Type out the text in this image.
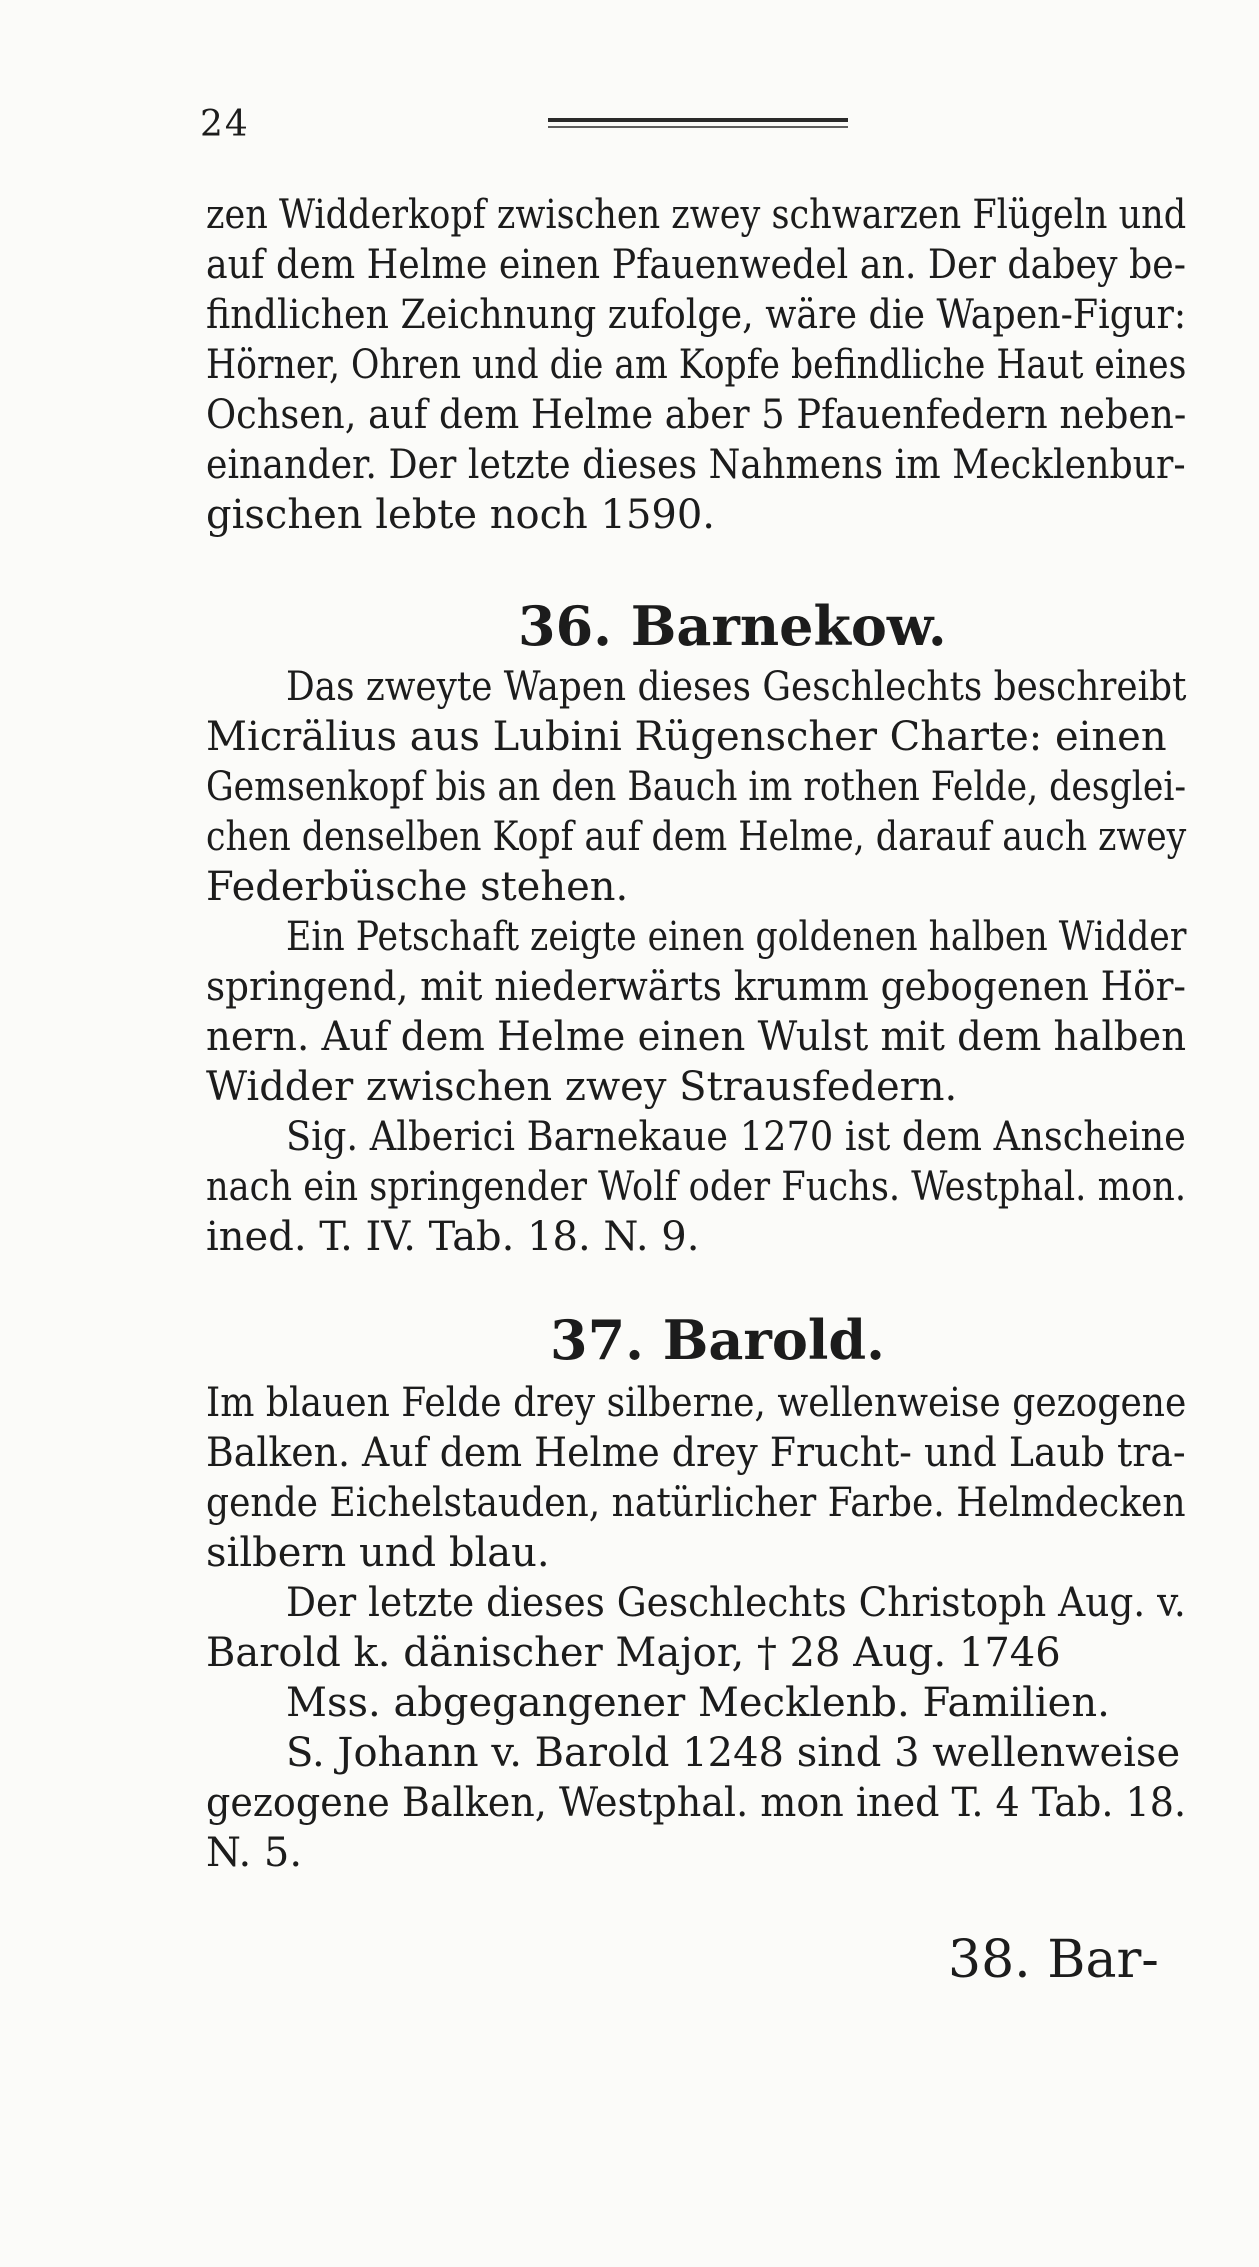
24
zen Widderkopf zwischen zwey schwarzen Flügeln und
auf dem Helme einen Pfauenwedel an. Der dabey be-
findlichen Zeichnung zufolge, wäre die Wapen-Figur:
Hörner, Ohren und die am Kopfe befindliche Haut eines
Ochsen, auf dem Helme aber 5 Pfauenfedern neben-
einander. Der letzte dieses Nahmens im Mecklenbur-
gischen lebte noch 1590.
36. Barnekow.
Das zweyte Wapen dieses Geschlechts beschreibt
Micrälius aus Lubini Rügenscher Charte: einen
Gemsenkopf bis an den Bauch im rothen Felde, desglei-
chen denselben Kopf auf dem Helme, darauf auch zwey
Federbüsche stehen.
Ein Petschaft zeigte einen goldenen halben Widder
springend, mit niederwärts krumm gebogenen Hör-
nern. Auf dem Helme einen Wulst mit dem halben
Widder zwischen zwey Strausfedern.
Sig. Alberici Barnekaue 1270 ist dem Anscheine
nach ein springender Wolf oder Fuchs. Westphal. mon.
ined. T. IV. Tab. 18. N. 9.
37. Barold.
Im blauen Felde drey silberne, wellenweise gezogene
Balken. Auf dem Helme drey Frucht- und Laub tra-
gende Eichelstauden, natürlicher Farbe. Helmdecken
silbern und blau.
Der letzte dieses Geschlechts Christoph Aug. v.
Barold k. dänischer Major, † 28 Aug. 1746
Mss. abgegangener Mecklenb. Familien.
S. Johann v. Barold 1248 sind 3 wellenweise
gezogene Balken, Westphal. mon ined T. 4 Tab. 18.
N. 5.
38. Bar-
